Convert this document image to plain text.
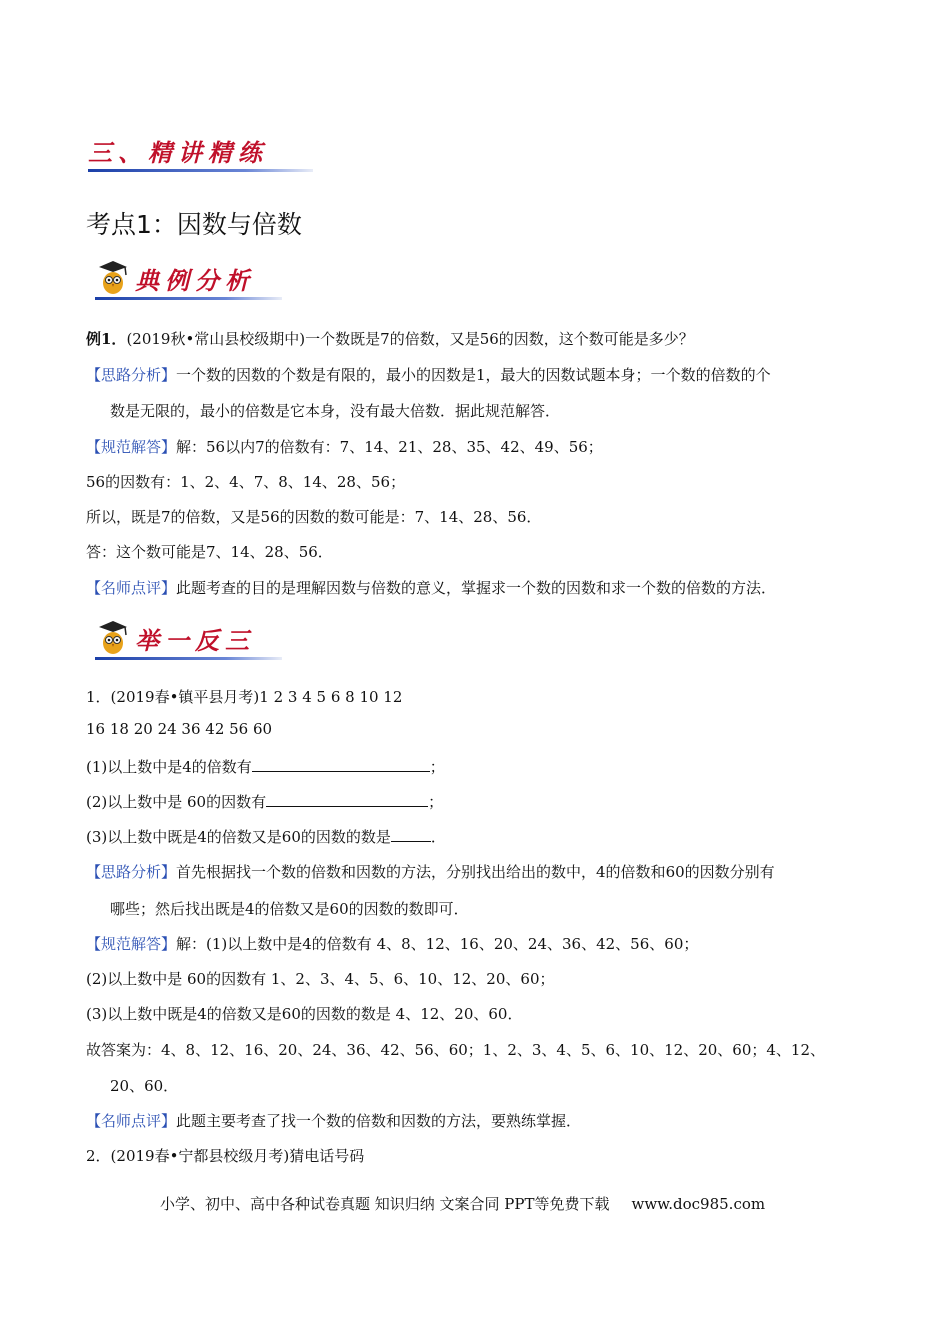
三、精讲精练
考点1：因数与倍数
典例分析
例1．(2019秋•常山县校级期中)一个数既是7的倍数，又是56的因数，这个数可能是多少？
【思路分析】一个数的因数的个数是有限的，最小的因数是1，最大的因数试题本身；一个数的倍数的个
数是无限的，最小的倍数是它本身，没有最大倍数．据此规范解答．
【规范解答】解：56以内7的倍数有：7、14、21、28、35、42、49、56；
56的因数有：1、2、4、7、8、14、28、56；
所以，既是7的倍数，又是56的因数的数可能是：7、14、28、56．
答：这个数可能是7、14、28、56．
【名师点评】此题考查的目的是理解因数与倍数的意义，掌握求一个数的因数和求一个数的倍数的方法．
举一反三
1．(2019春•镇平县月考)1 2 3 4 5 6 8 10 12
16 18 20 24 36 42 56 60
(1)以上数中是4的倍数有	；
(2)以上数中是 60的因数有	；
(3)以上数中既是4的倍数又是60的因数的数是	．
【思路分析】首先根据找一个数的倍数和因数的方法，分别找出给出的数中，4的倍数和60的因数分别有
哪些；然后找出既是4的倍数又是60的因数的数即可．
【规范解答】解：(1)以上数中是4的倍数有 4、8、12、16、20、24、36、42、56、60；
(2)以上数中是 60的因数有 1、2、3、4、5、6、10、12、20、60；
(3)以上数中既是4的倍数又是60的因数的数是 4、12、20、60．
故答案为：4、8、12、16、20、24、36、42、56、60；1、2、3、4、5、6、10、12、20、60；4、12、
20、60．
【名师点评】此题主要考查了找一个数的倍数和因数的方法，要熟练掌握．
2．(2019春•宁都县校级月考)猜电话号码
小学、初中、高中各种试卷真题 知识归纳 文案合同 PPT等免费下载 www.doc985.com
